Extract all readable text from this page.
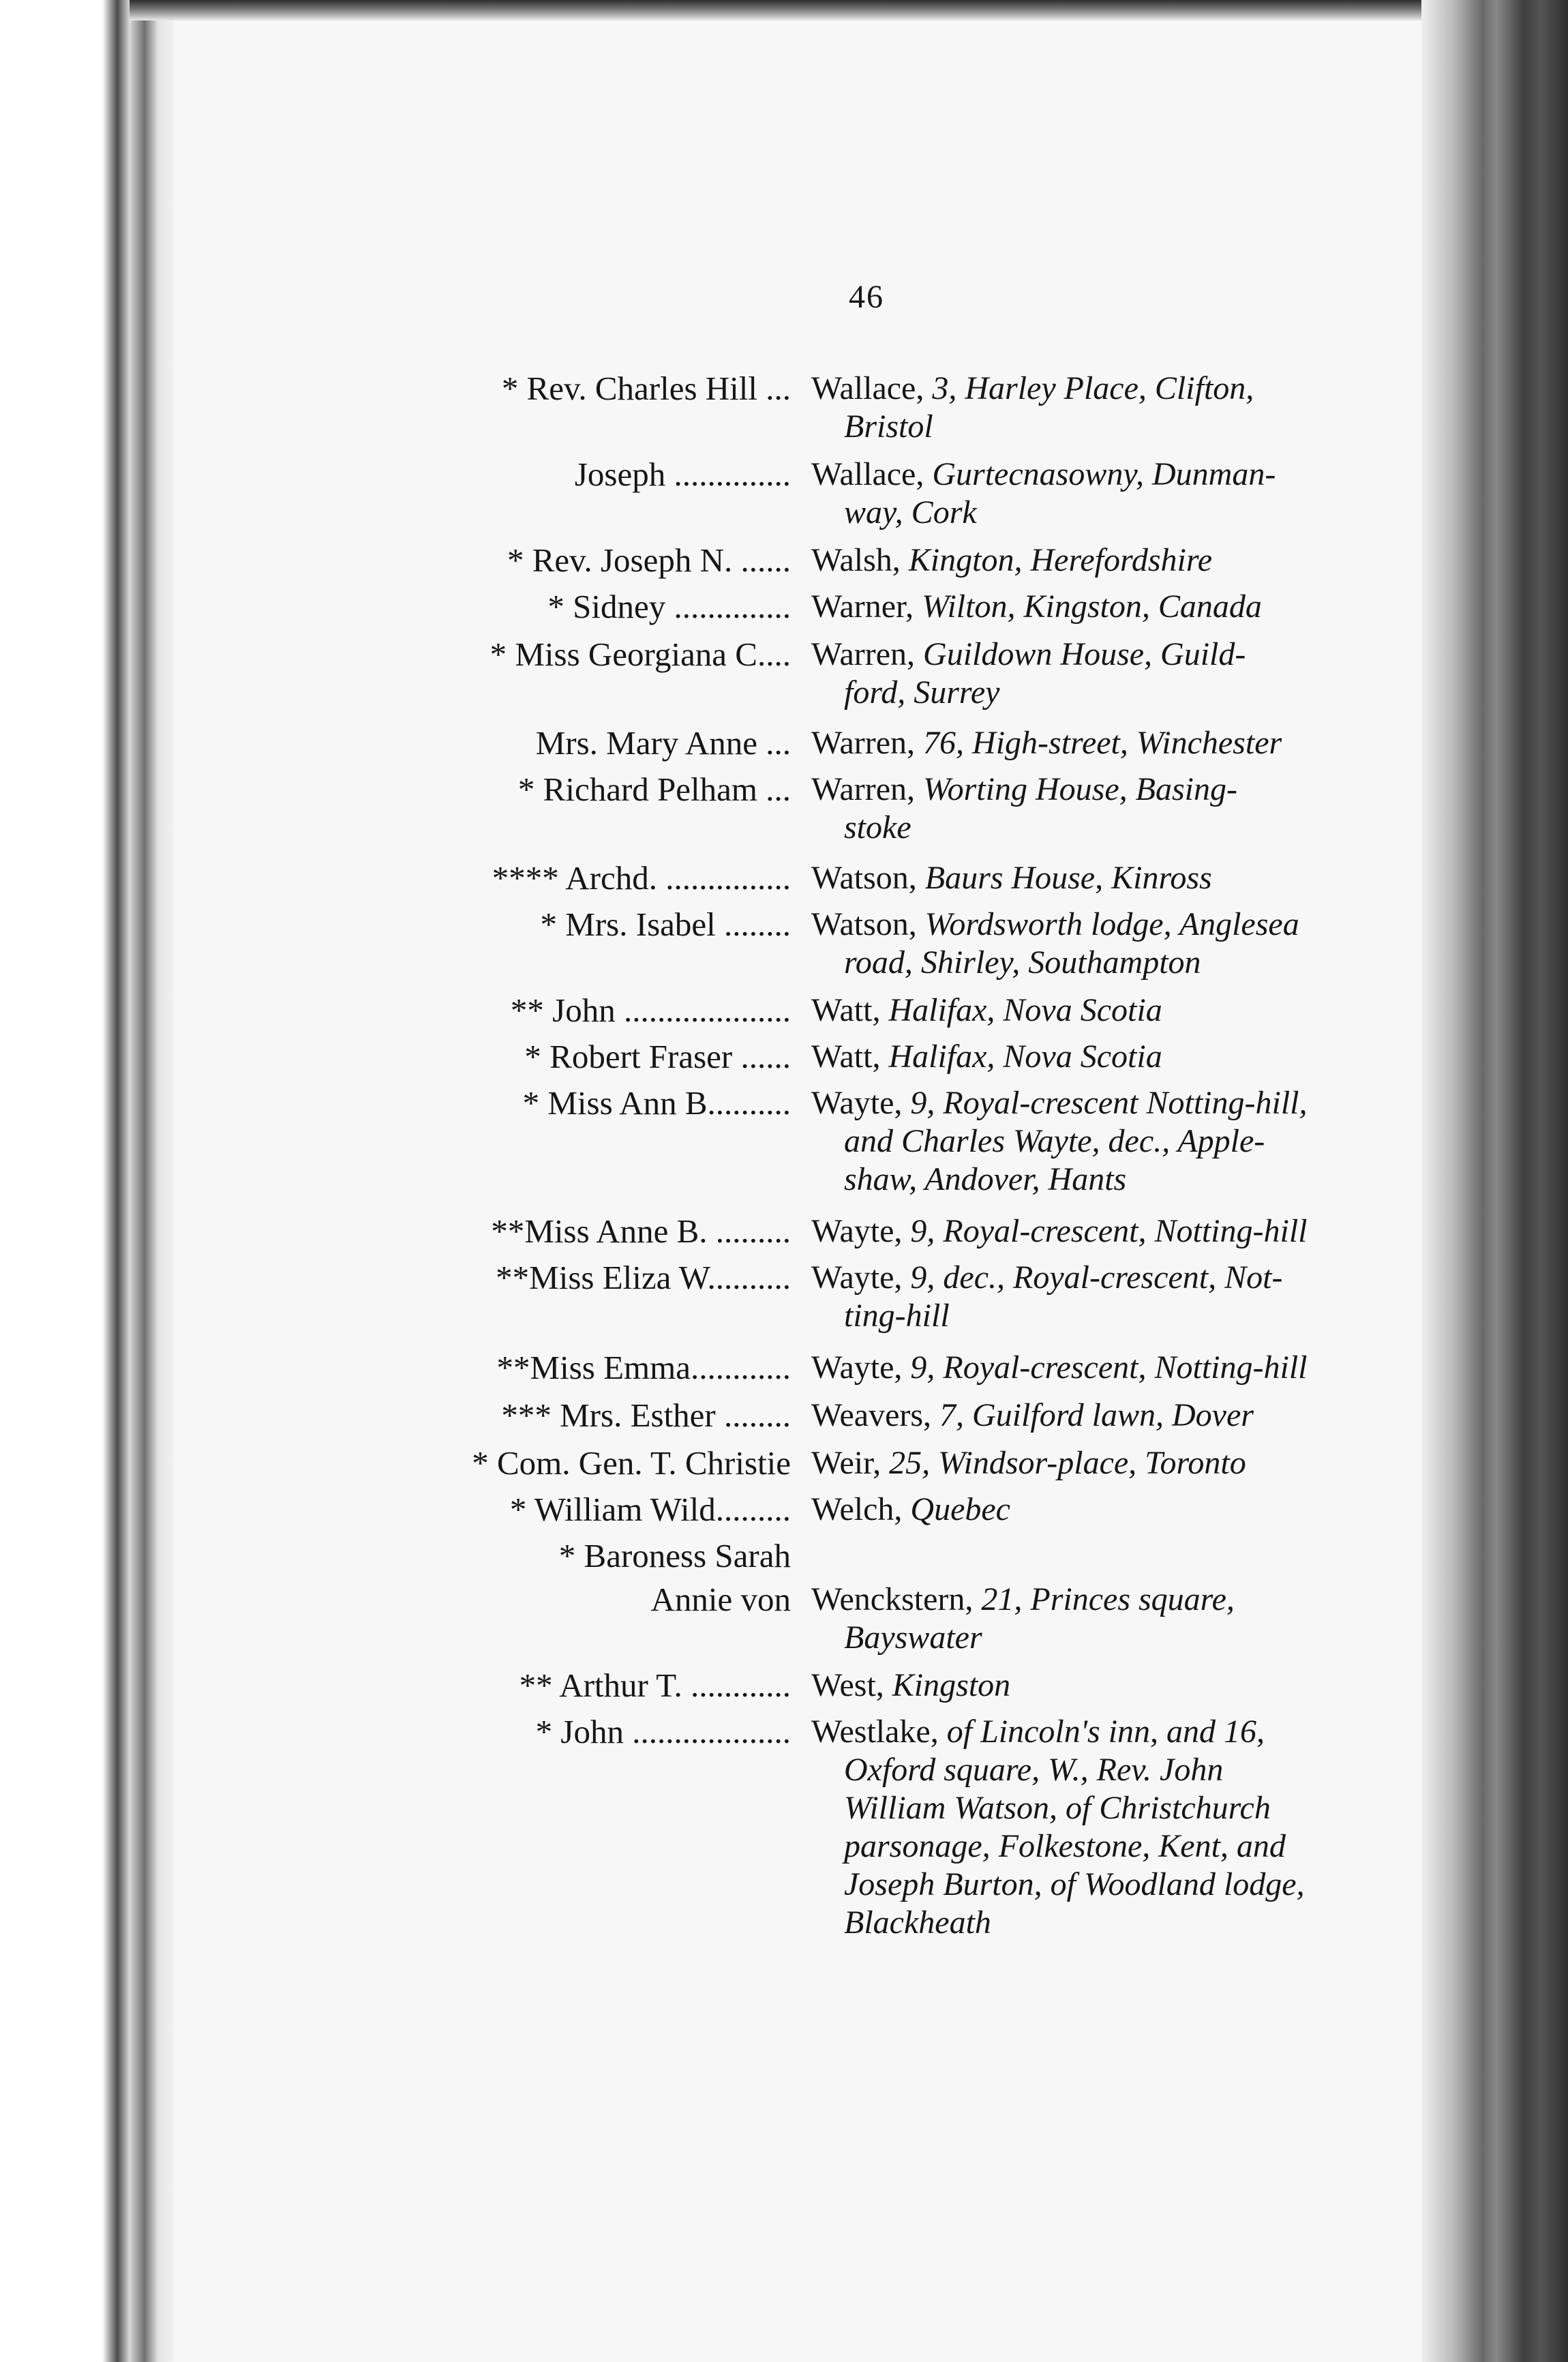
46
* Rev. Charles Hill ... Wallace, 3, Harley Place, Clifton,
Bristol
Joseph .............. Wallace, Gurtecnasowny, Dunman-
way, Cork
* Rev. Joseph N. ...... Walsh, Kington, Herefordshire
* Sidney .............. Warner, Wilton, Kingston, Canada
* Miss Georgiana C.... Warren, Guildown House, Guild-
ford, Surrey
Mrs. Mary Anne ... Warren, 76, High-street, Winchester
* Richard Pelham ... Warren, Worting House, Basing-
stoke
**** Archd. ............... Watson, Baurs House, Kinross
* Mrs. Isabel ........ Watson, Wordsworth lodge, Anglesea
road, Shirley, Southampton
** John .................... Watt, Halifax, Nova Scotia
* Robert Fraser ...... Watt, Halifax, Nova Scotia
* Miss Ann B.......... Wayte, 9, Royal-crescent Notting-hill,
and Charles Wayte, dec., Apple-
shaw, Andover, Hants
**Miss Anne B. ......... Wayte, 9, Royal-crescent, Notting-hill
**Miss Eliza W.......... Wayte, 9, dec., Royal-crescent, Not-
ting-hill
**Miss Emma............ Wayte, 9, Royal-crescent, Notting-hill
*** Mrs. Esther ........ Weavers, 7, Guilford lawn, Dover
* Com. Gen. T. Christie Weir, 25, Windsor-place, Toronto
* William Wild......... Welch, Quebec
* Baroness Sarah
Annie von Wenckstern, 21, Princes square,
Bayswater
** Arthur T. ............ West, Kingston
* John ................... Westlake, of Lincoln's inn, and 16,
Oxford square, W., Rev. John
William Watson, of Christchurch
parsonage, Folkestone, Kent, and
Joseph Burton, of Woodland lodge,
Blackheath
